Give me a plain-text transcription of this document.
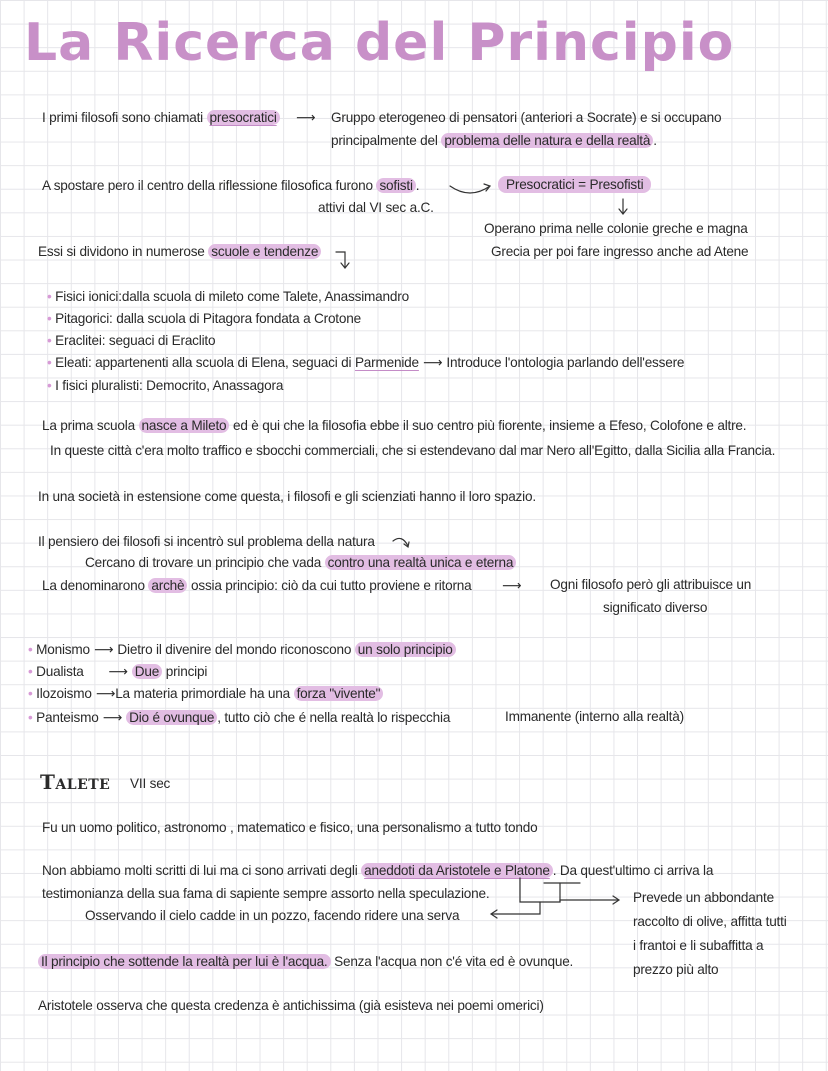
La Ricerca del Principio
I primi filosofi sono chiamati presocratici ⟶ Gruppo eterogeneo di pensatori (anteriori a Socrate) e si occupano
principalmente del problema delle natura e della realtà .
A spostare pero il centro della riflessione filosofica furono sofisti .
attivi dal VI sec a.C.
Presocratici = Presofisti
Operano prima nelle colonie greche e magna
Grecia per poi fare ingresso anche ad Atene
Essi si dividono in numerose scuole e tendenze
• Fisici ionici:dalla scuola di mileto come Talete, Anassimandro
• Pitagorici: dalla scuola di Pitagora fondata a Crotone
• Eraclitei: seguaci di Eraclito
• Eleati: appartenenti alla scuola di Elena, seguaci di Parmenide ⟶ Introduce l'ontologia parlando dell'essere
• I fisici pluralisti: Democrito, Anassagora
La prima scuola nasce a Mileto ed è qui che la filosofia ebbe il suo centro più fiorente, insieme a Efeso, Colofone e altre.
In queste città c'era molto traffico e sbocchi commerciali, che si estendevano dal mar Nero all'Egitto, dalla Sicilia alla Francia.
In una società in estensione come questa, i filosofi e gli scienziati hanno il loro spazio.
Il pensiero dei filosofi si incentrò sul problema della natura
Cercano di trovare un principio che vada contro una realtà unica e eterna
La denominarono archè ossia principio: ciò da cui tutto proviene e ritorna ⟶ Ogni filosofo però gli attribuisce un
significato diverso
• Monismo ⟶ Dietro il divenire del mondo riconoscono un solo principio
• Dualista      ⟶ Due principi
• Ilozoismo ⟶La materia primordiale ha una forza "vivente"
• Panteismo ⟶ Dio é ovunque , tutto ciò che é nella realtà lo rispecchia	Immanente (interno alla realtà)
Talete VII sec
Fu un uomo politico, astronomo , matematico e fisico, una personalismo a tutto tondo
Non abbiamo molti scritti di lui ma ci sono arrivati degli aneddoti da Aristotele e Platone . Da quest'ultimo ci arriva la
testimonianza della sua fama di sapiente sempre assorto nella speculazione.
Osservando il cielo cadde in un pozzo, facendo ridere una serva
Prevede un abbondante
raccolto di olive, affitta tutti
i frantoi e li subaffitta a
prezzo più alto
Il principio che sottende la realtà per lui è l'acqua. Senza l'acqua non c'é vita ed è ovunque.
Aristotele osserva che questa credenza è antichissima (già esisteva nei poemi omerici)
